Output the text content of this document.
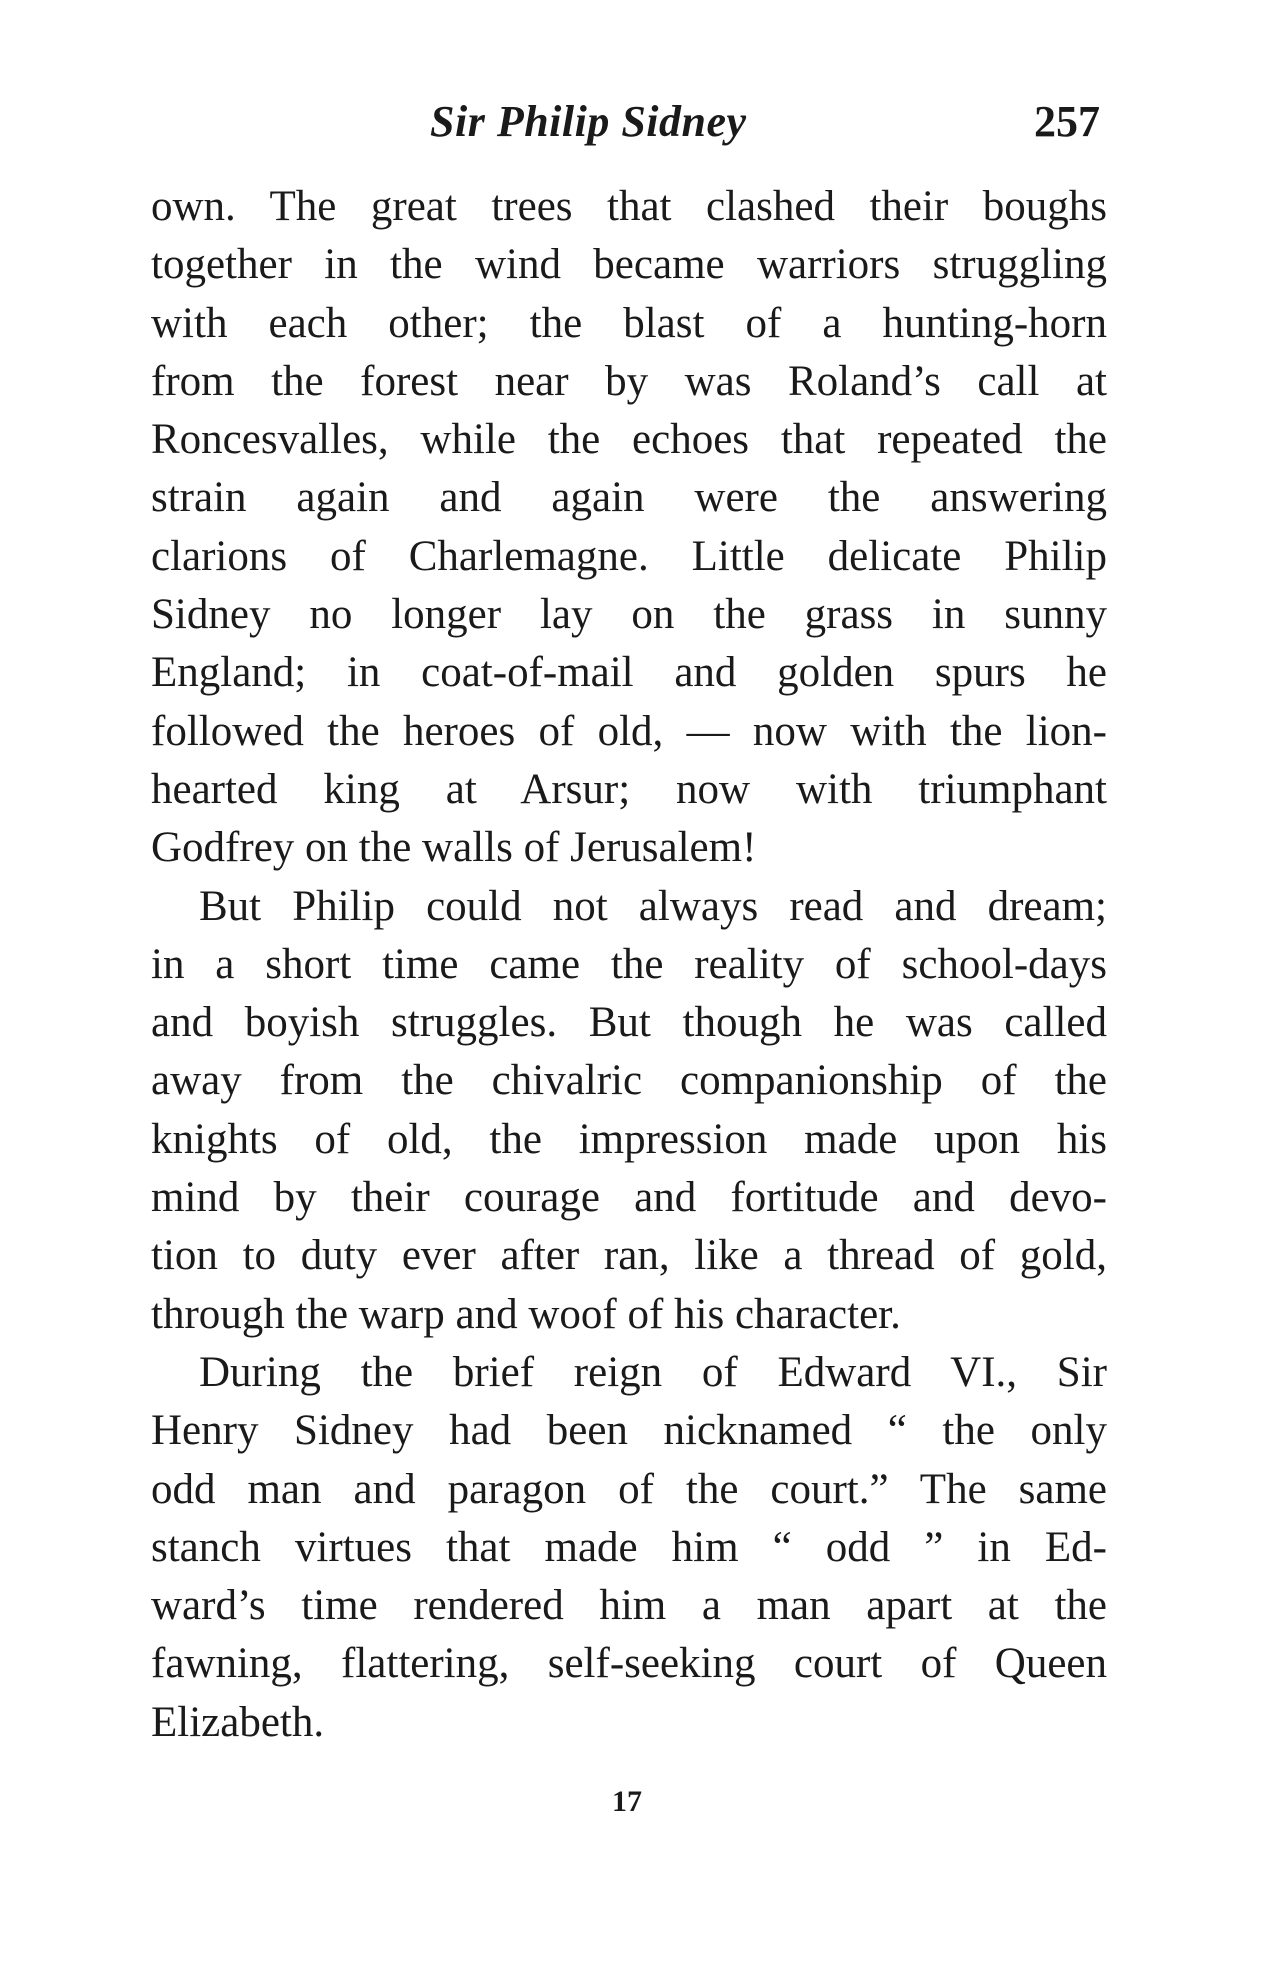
Sir Philip Sidney	257
own. The great trees that clashed their boughs
together in the wind became warriors struggling
with each other; the blast of a hunting-horn
from the forest near by was Roland’s call at
Roncesvalles, while the echoes that repeated the
strain again and again were the answering
clarions of Charlemagne. Little delicate Philip
Sidney no longer lay on the grass in sunny
England; in coat-of-mail and golden spurs he
followed the heroes of old, — now with the lion-
hearted king at Arsur; now with triumphant
Godfrey on the walls of Jerusalem!
But Philip could not always read and dream;
in a short time came the reality of school-days
and boyish struggles. But though he was called
away from the chivalric companionship of the
knights of old, the impression made upon his
mind by their courage and fortitude and devo-
tion to duty ever after ran, like a thread of gold,
through the warp and woof of his character.
During the brief reign of Edward VI., Sir
Henry Sidney had been nicknamed “ the only
odd man and paragon of the court.” The same
stanch virtues that made him “ odd ” in Ed-
ward’s time rendered him a man apart at the
fawning, flattering, self-seeking court of Queen
Elizabeth.
17
